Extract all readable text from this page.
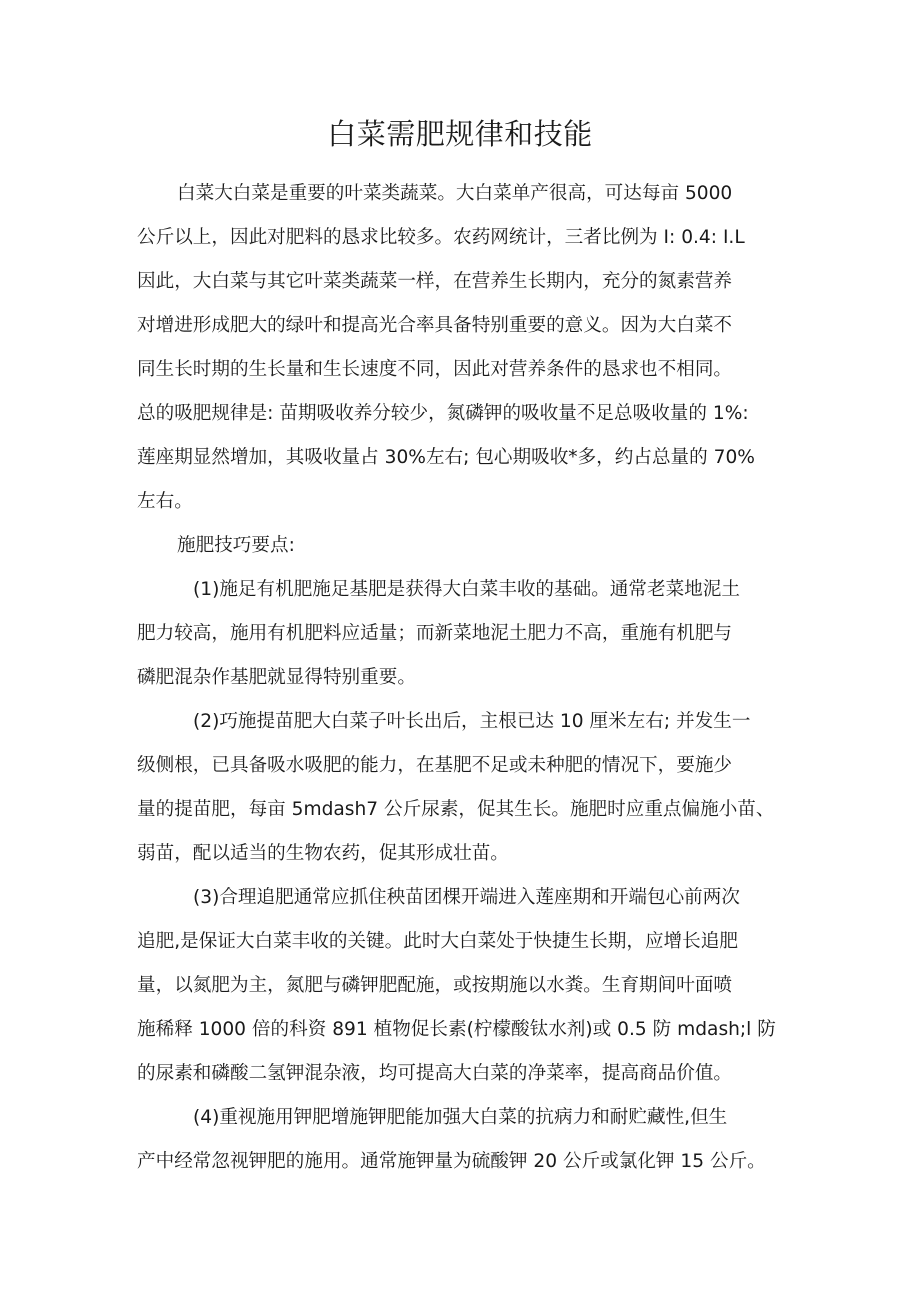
白菜需肥规律和技能
白菜大白菜是重要的叶菜类蔬菜。大白菜单产很高，可达每亩 5000
公斤以上，因此对肥料的恳求比较多。农药网统计，三者比例为 I: 0.4: I.L
因此，大白菜与其它叶菜类蔬菜一样，在营养生长期内，充分的氮素营养
对增进形成肥大的绿叶和提高光合率具备特别重要的意义。因为大白菜不
同生长时期的生长量和生长速度不同，因此对营养条件的恳求也不相同。
总的吸肥规律是: 苗期吸收养分较少，氮磷钾的吸收量不足总吸收量的 1%:
莲座期显然增加，其吸收量占 30%左右; 包心期吸收*多，约占总量的 70%
左右。
施肥技巧要点:
(1)施足有机肥施足基肥是获得大白菜丰收的基础。通常老菜地泥土
肥力较高，施用有机肥料应适量；而新菜地泥土肥力不高，重施有机肥与
磷肥混杂作基肥就显得特别重要。
(2)巧施提苗肥大白菜子叶长出后，主根已达 10 厘米左右; 并发生一
级侧根，已具备吸水吸肥的能力，在基肥不足或未种肥的情况下，要施少
量的提苗肥，每亩 5mdash7 公斤尿素，促其生长。施肥时应重点偏施小苗、
弱苗，配以适当的生物农药，促其形成壮苗。
(3)合理追肥通常应抓住秧苗团棵开端进入莲座期和开端包心前两次
追肥,是保证大白菜丰收的关键。此时大白菜处于快捷生长期，应增长追肥
量，以氮肥为主，氮肥与磷钾肥配施，或按期施以水粪。生育期间叶面喷
施稀释 1000 倍的科资 891 植物促长素(柠檬酸钛水剂)或 0.5 防 mdash;l 防
的尿素和磷酸二氢钾混杂液，均可提高大白菜的净菜率，提高商品价值。
(4)重视施用钾肥增施钾肥能加强大白菜的抗病力和耐贮藏性,但生
产中经常忽视钾肥的施用。通常施钾量为硫酸钾 20 公斤或氯化钾 15 公斤。
